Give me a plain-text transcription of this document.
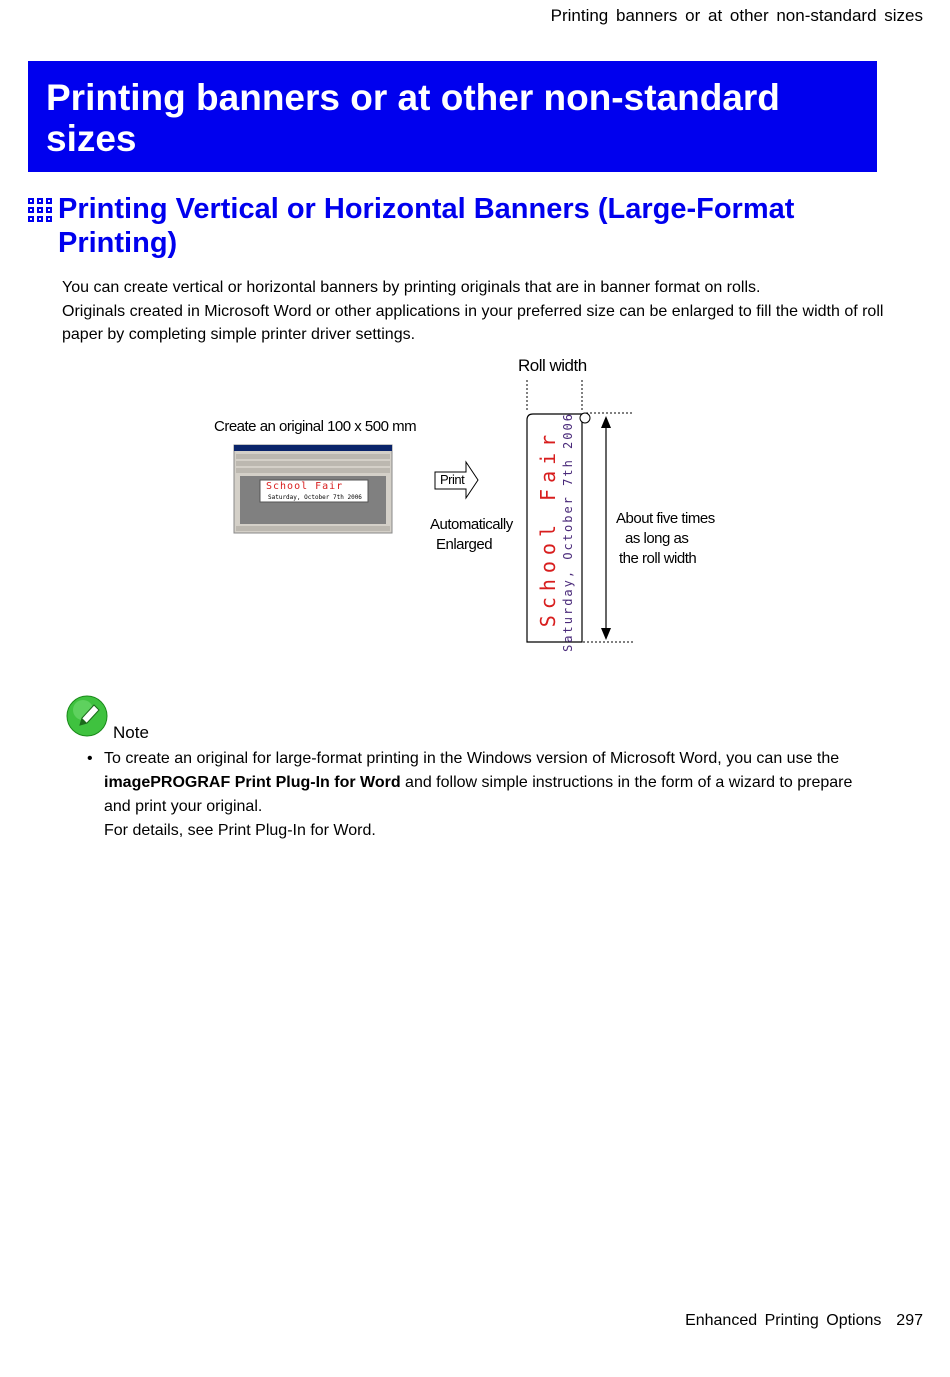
Printing banners or at other non-standard sizes
Printing banners or at other non-standard sizes
Printing Vertical or Horizontal Banners (Large-Format Printing)

You can create vertical or horizontal banners by printing originals that are in banner format on rolls.

Originals created in Microsoft Word or other applications in your preferred size can be enlarged to fill the width of roll paper by completing simple printer driver settings.

Roll width
Create an original 100 x 500 mm
School Fair
Saturday, October 7th 2006
Print
Automatically
Enlarged School Fair Saturday, October 7th 2006	About five times
as long as
the roll width
Note
• To create an original for large-format printing in the Windows version of Microsoft Word, you can use the imagePROGRAF Print Plug-In for Word and follow simple instructions in the form of a wizard to prepare and print your original.
For details, see Print Plug-In for Word.
Enhanced Printing Options 297
